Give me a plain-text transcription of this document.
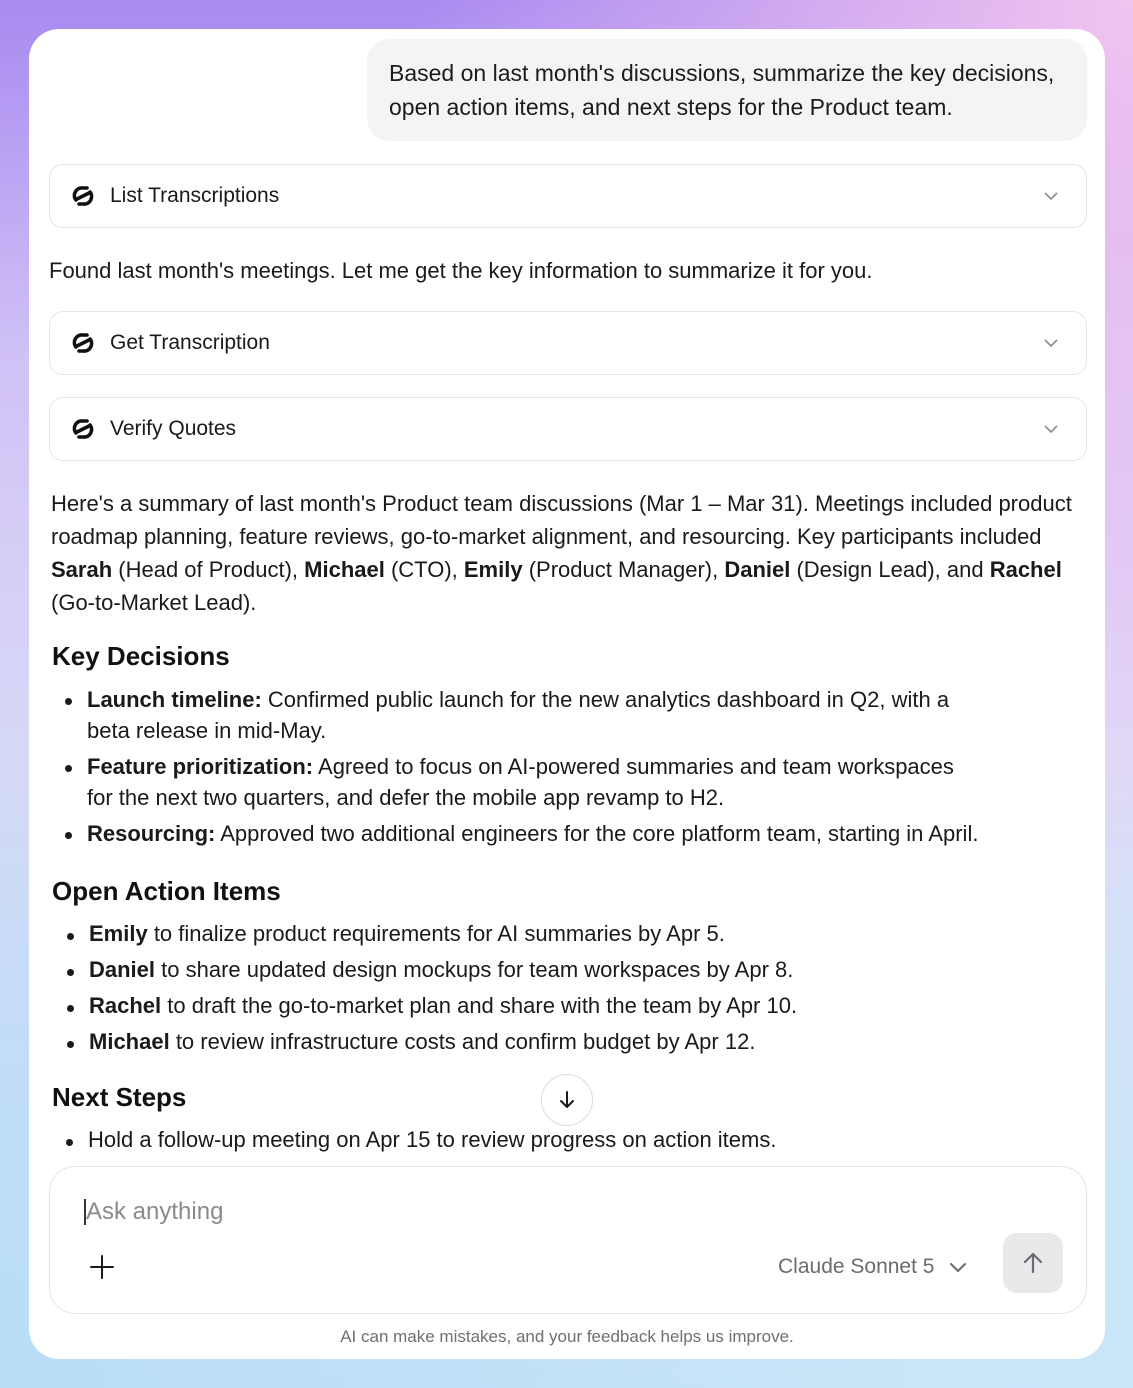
Based on last month's discussions, summarize the key decisions, open action items, and next steps for the Product team.
List Transcriptions
Found last month's meetings. Let me get the key information to summarize it for you.
Get Transcription
Verify Quotes
Here's a summary of last month's Product team discussions (Mar 1 – Mar 31). Meetings included product roadmap planning, feature reviews, go-to-market alignment, and resourcing. Key participants included Sarah (Head of Product), Michael (CTO), Emily (Product Manager), Daniel (Design Lead), and Rachel (Go-to-Market Lead).
Key Decisions
Launch timeline: Confirmed public launch for the new analytics dashboard in Q2, with a beta release in mid-May.
Feature prioritization: Agreed to focus on AI-powered summaries and team workspaces for the next two quarters, and defer the mobile app revamp to H2.
Resourcing: Approved two additional engineers for the core platform team, starting in April.
Open Action Items
Emily to finalize product requirements for AI summaries by Apr 5.
Daniel to share updated design mockups for team workspaces by Apr 8.
Rachel to draft the go-to-market plan and share with the team by Apr 10.
Michael to review infrastructure costs and confirm budget by Apr 12.
Next Steps
Hold a follow-up meeting on Apr 15 to review progress on action items.
Ask anything
Claude Sonnet 5
AI can make mistakes, and your feedback helps us improve.
